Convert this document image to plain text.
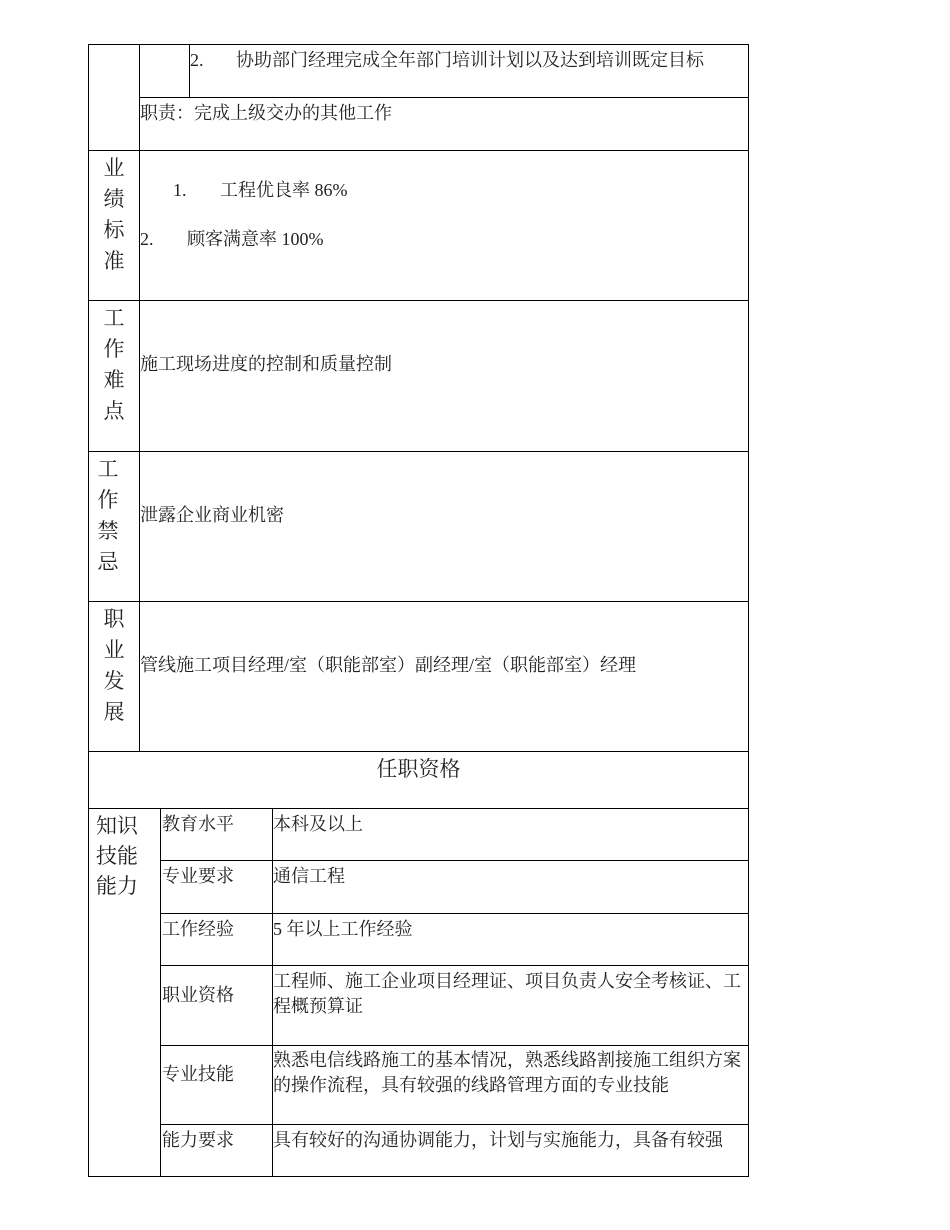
2. 协助部门经理完成全年部门培训计划以及达到培训既定目标
职责：完成上级交办的其他工作
业
绩
标
准
1. 工程优良率 86%
2. 顾客满意率 100%
工
作
难
点
施工现场进度的控制和质量控制
工
作
禁
忌
泄露企业商业机密
职
业
发
展
管线施工项目经理/室（职能部室）副经理/室（职能部室）经理
任职资格
知识
技能
能力
教育水平 本科及以上
专业要求 通信工程
工作经验 5 年以上工作经验
职业资格
工程师、施工企业项目经理证、项目负责人安全考核证、工程概预算证
专业技能
熟悉电信线路施工的基本情况，熟悉线路割接施工组织方案的操作流程，具有较强的线路管理方面的专业技能
能力要求 具有较好的沟通协调能力，计划与实施能力，具备有较强
